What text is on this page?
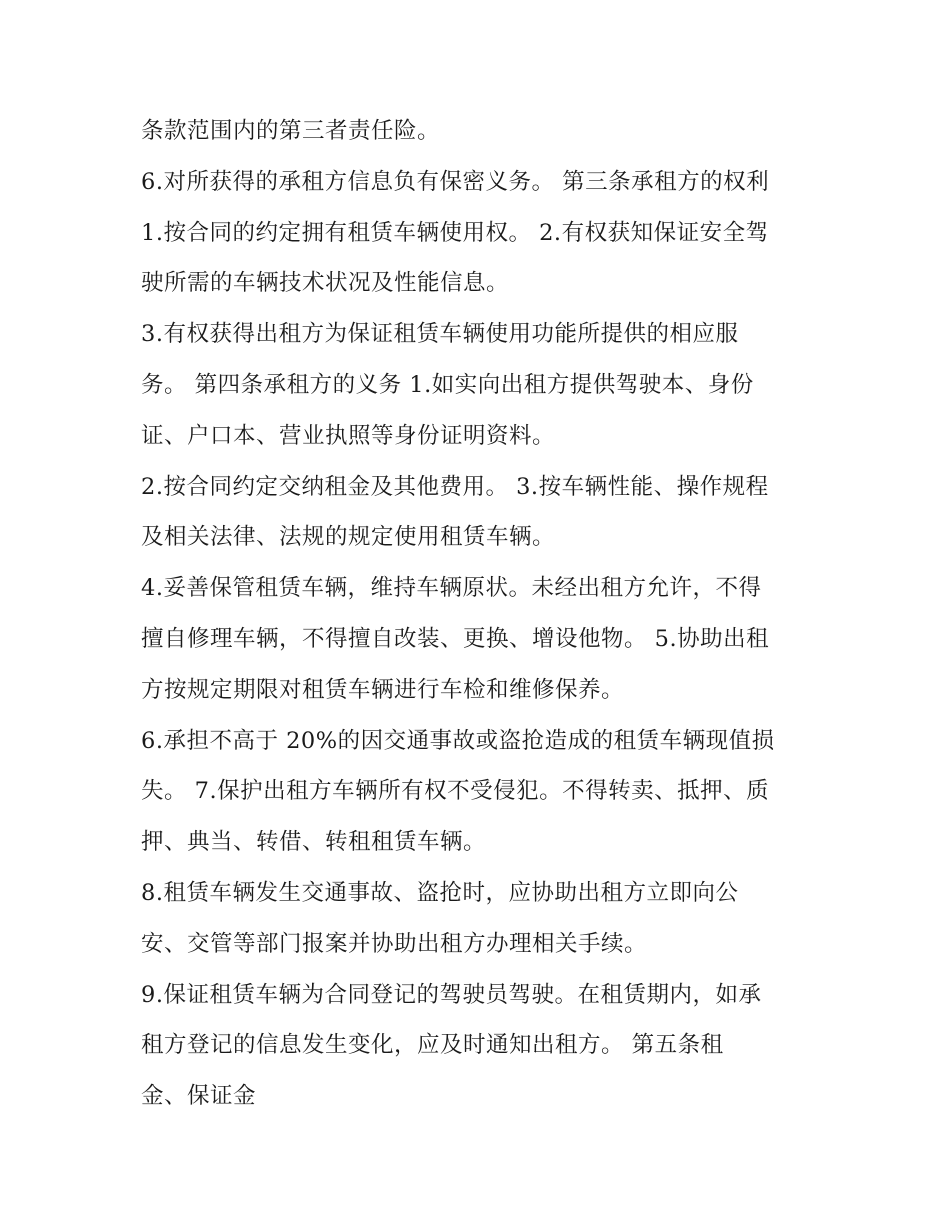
条款范围内的第三者责任险。
6.对所获得的承租方信息负有保密义务。 第三条承租方的权利
1.按合同的约定拥有租赁车辆使用权。 2.有权获知保证安全驾
驶所需的车辆技术状况及性能信息。
3.有权获得出租方为保证租赁车辆使用功能所提供的相应服
务。 第四条承租方的义务 1.如实向出租方提供驾驶本、身份
证、户口本、营业执照等身份证明资料。
2.按合同约定交纳租金及其他费用。 3.按车辆性能、操作规程
及相关法律、法规的规定使用租赁车辆。
4.妥善保管租赁车辆，维持车辆原状。未经出租方允许，不得
擅自修理车辆，不得擅自改装、更换、增设他物。 5.协助出租
方按规定期限对租赁车辆进行车检和维修保养。
6.承担不高于 20%的因交通事故或盗抢造成的租赁车辆现值损
失。 7.保护出租方车辆所有权不受侵犯。不得转卖、抵押、质
押、典当、转借、转租租赁车辆。
8.租赁车辆发生交通事故、盗抢时，应协助出租方立即向公
安、交管等部门报案并协助出租方办理相关手续。
9.保证租赁车辆为合同登记的驾驶员驾驶。在租赁期内，如承
租方登记的信息发生变化，应及时通知出租方。 第五条租
金、保证金
